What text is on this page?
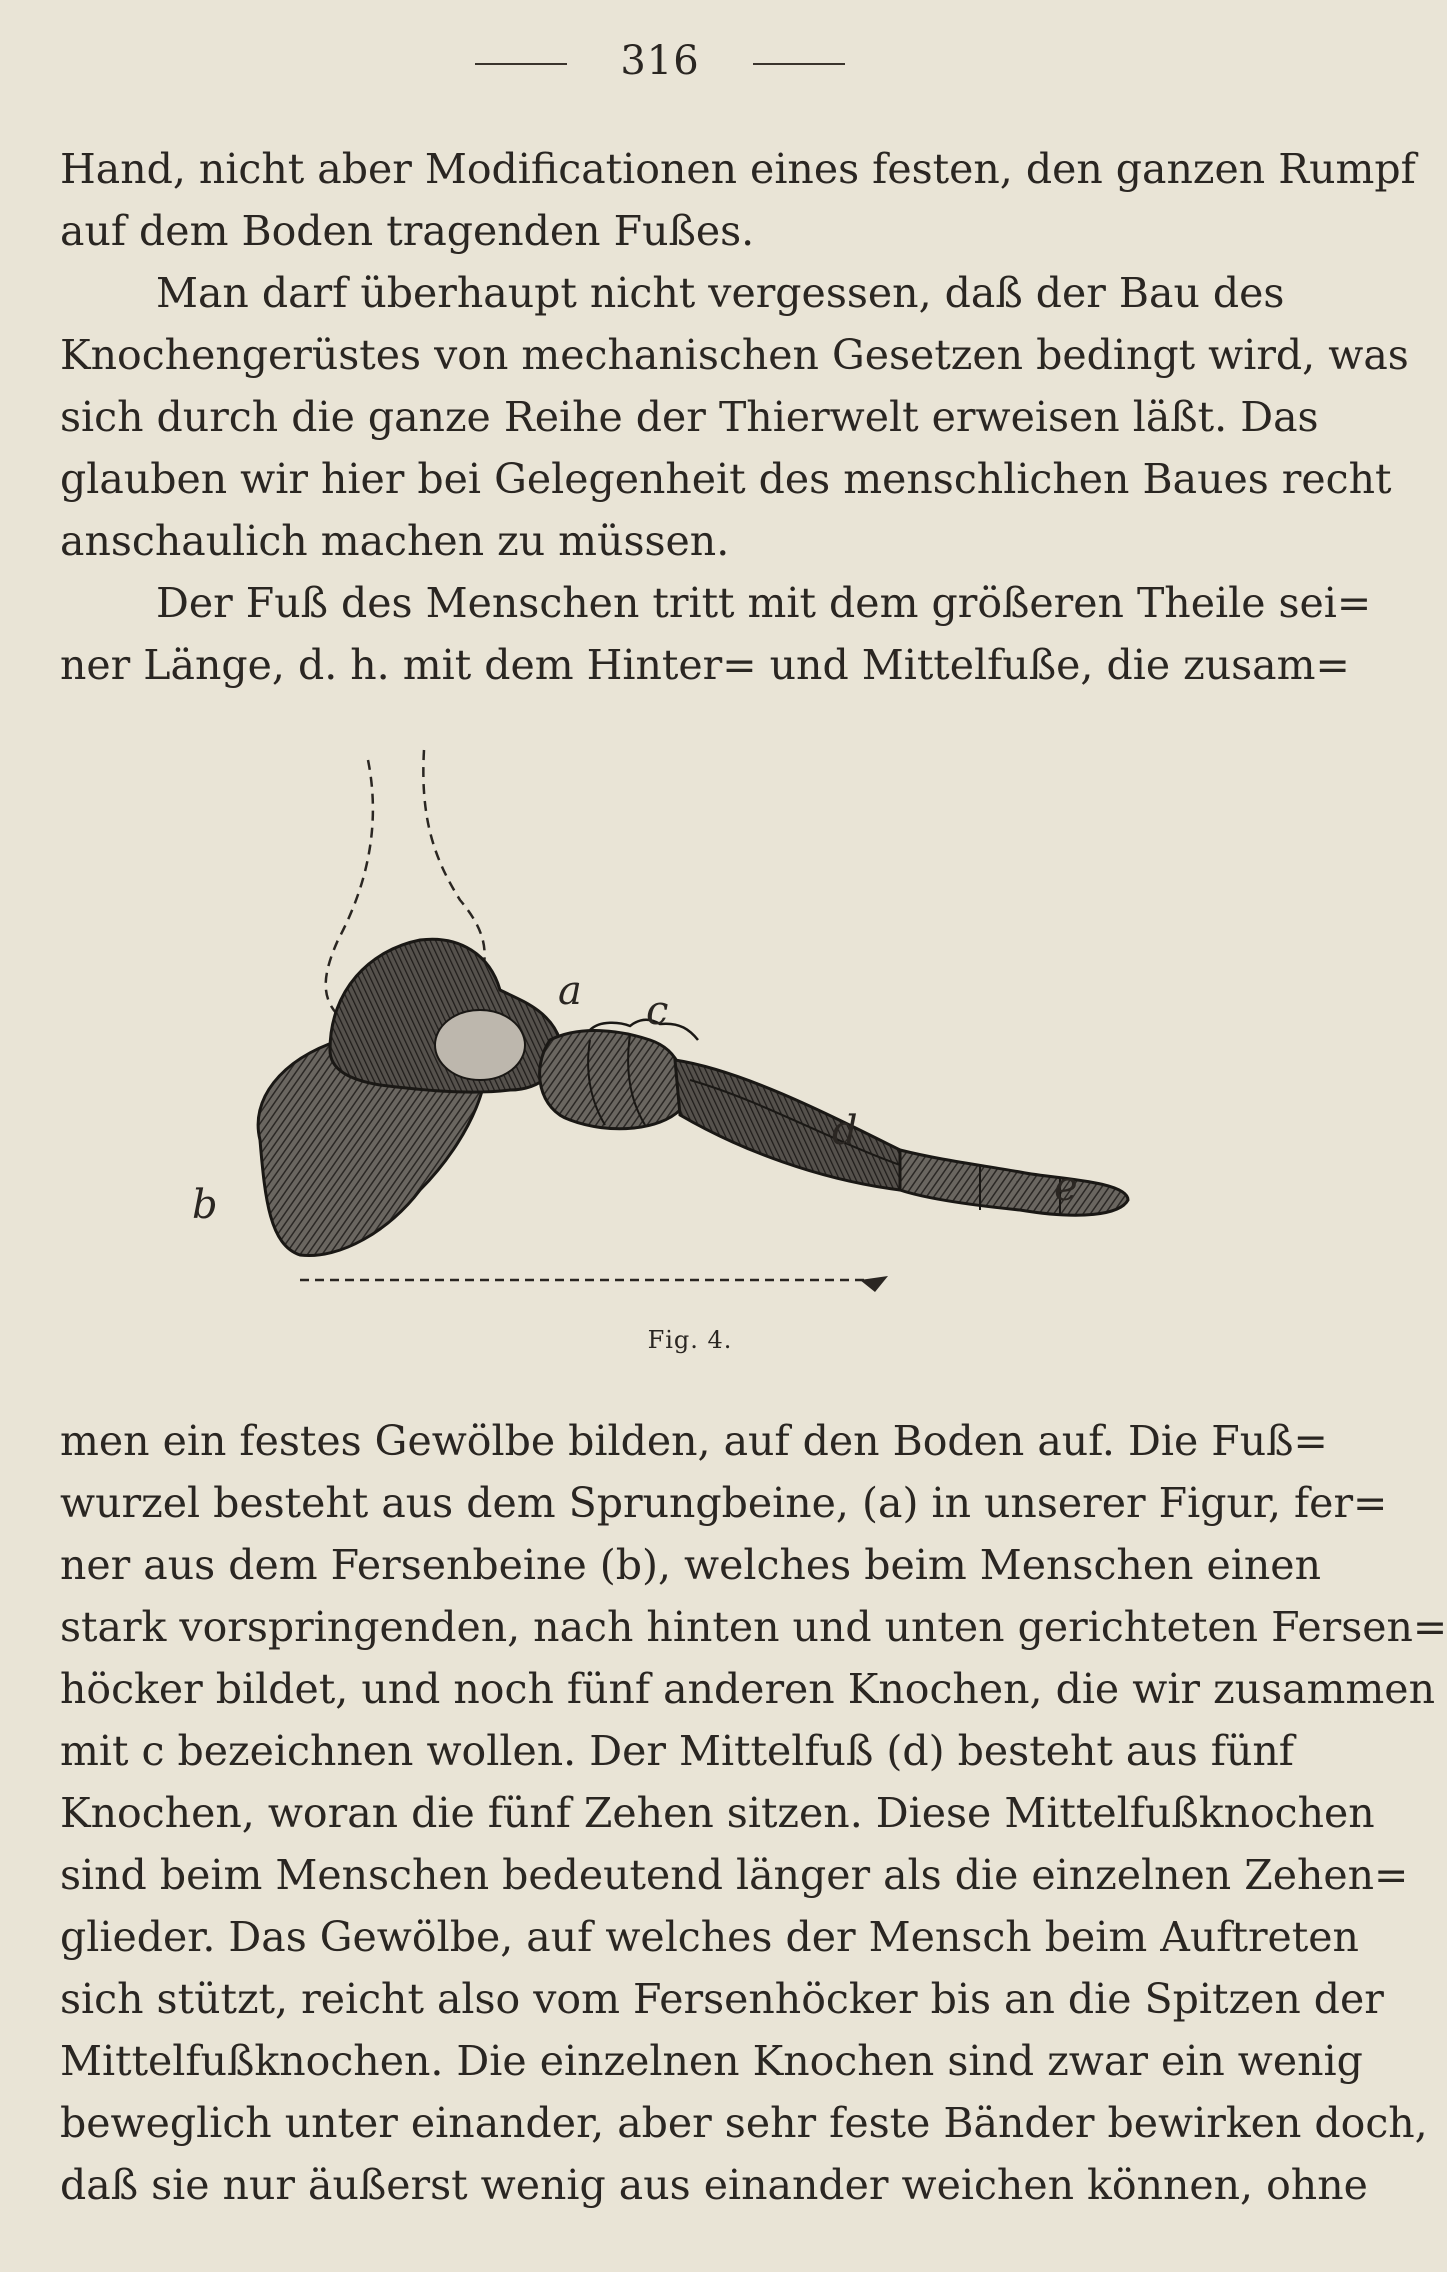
316
Hand, nicht aber Modificationen eines festen, den ganzen Rumpf
auf dem Boden tragenden Fußes.
Man darf überhaupt nicht vergessen, daß der Bau des
Knochengerüstes von mechanischen Gesetzen bedingt wird, was
sich durch die ganze Reihe der Thierwelt erweisen läßt. Das
glauben wir hier bei Gelegenheit des menschlichen Baues recht
anschaulich machen zu müssen.
Der Fuß des Menschen tritt mit dem größeren Theile sei=
ner Länge, d. h. mit dem Hinter= und Mittelfuße, die zusam=
a
b
c
d
e
Fig. 4.
men ein festes Gewölbe bilden, auf den Boden auf. Die Fuß=
wurzel besteht aus dem Sprungbeine, (a) in unserer Figur, fer=
ner aus dem Fersenbeine (b), welches beim Menschen einen
stark vorspringenden, nach hinten und unten gerichteten Fersen=
höcker bildet, und noch fünf anderen Knochen, die wir zusammen
mit c bezeichnen wollen. Der Mittelfuß (d) besteht aus fünf
Knochen, woran die fünf Zehen sitzen. Diese Mittelfußknochen
sind beim Menschen bedeutend länger als die einzelnen Zehen=
glieder. Das Gewölbe, auf welches der Mensch beim Auftreten
sich stützt, reicht also vom Fersenhöcker bis an die Spitzen der
Mittelfußknochen. Die einzelnen Knochen sind zwar ein wenig
beweglich unter einander, aber sehr feste Bänder bewirken doch,
daß sie nur äußerst wenig aus einander weichen können, ohne
